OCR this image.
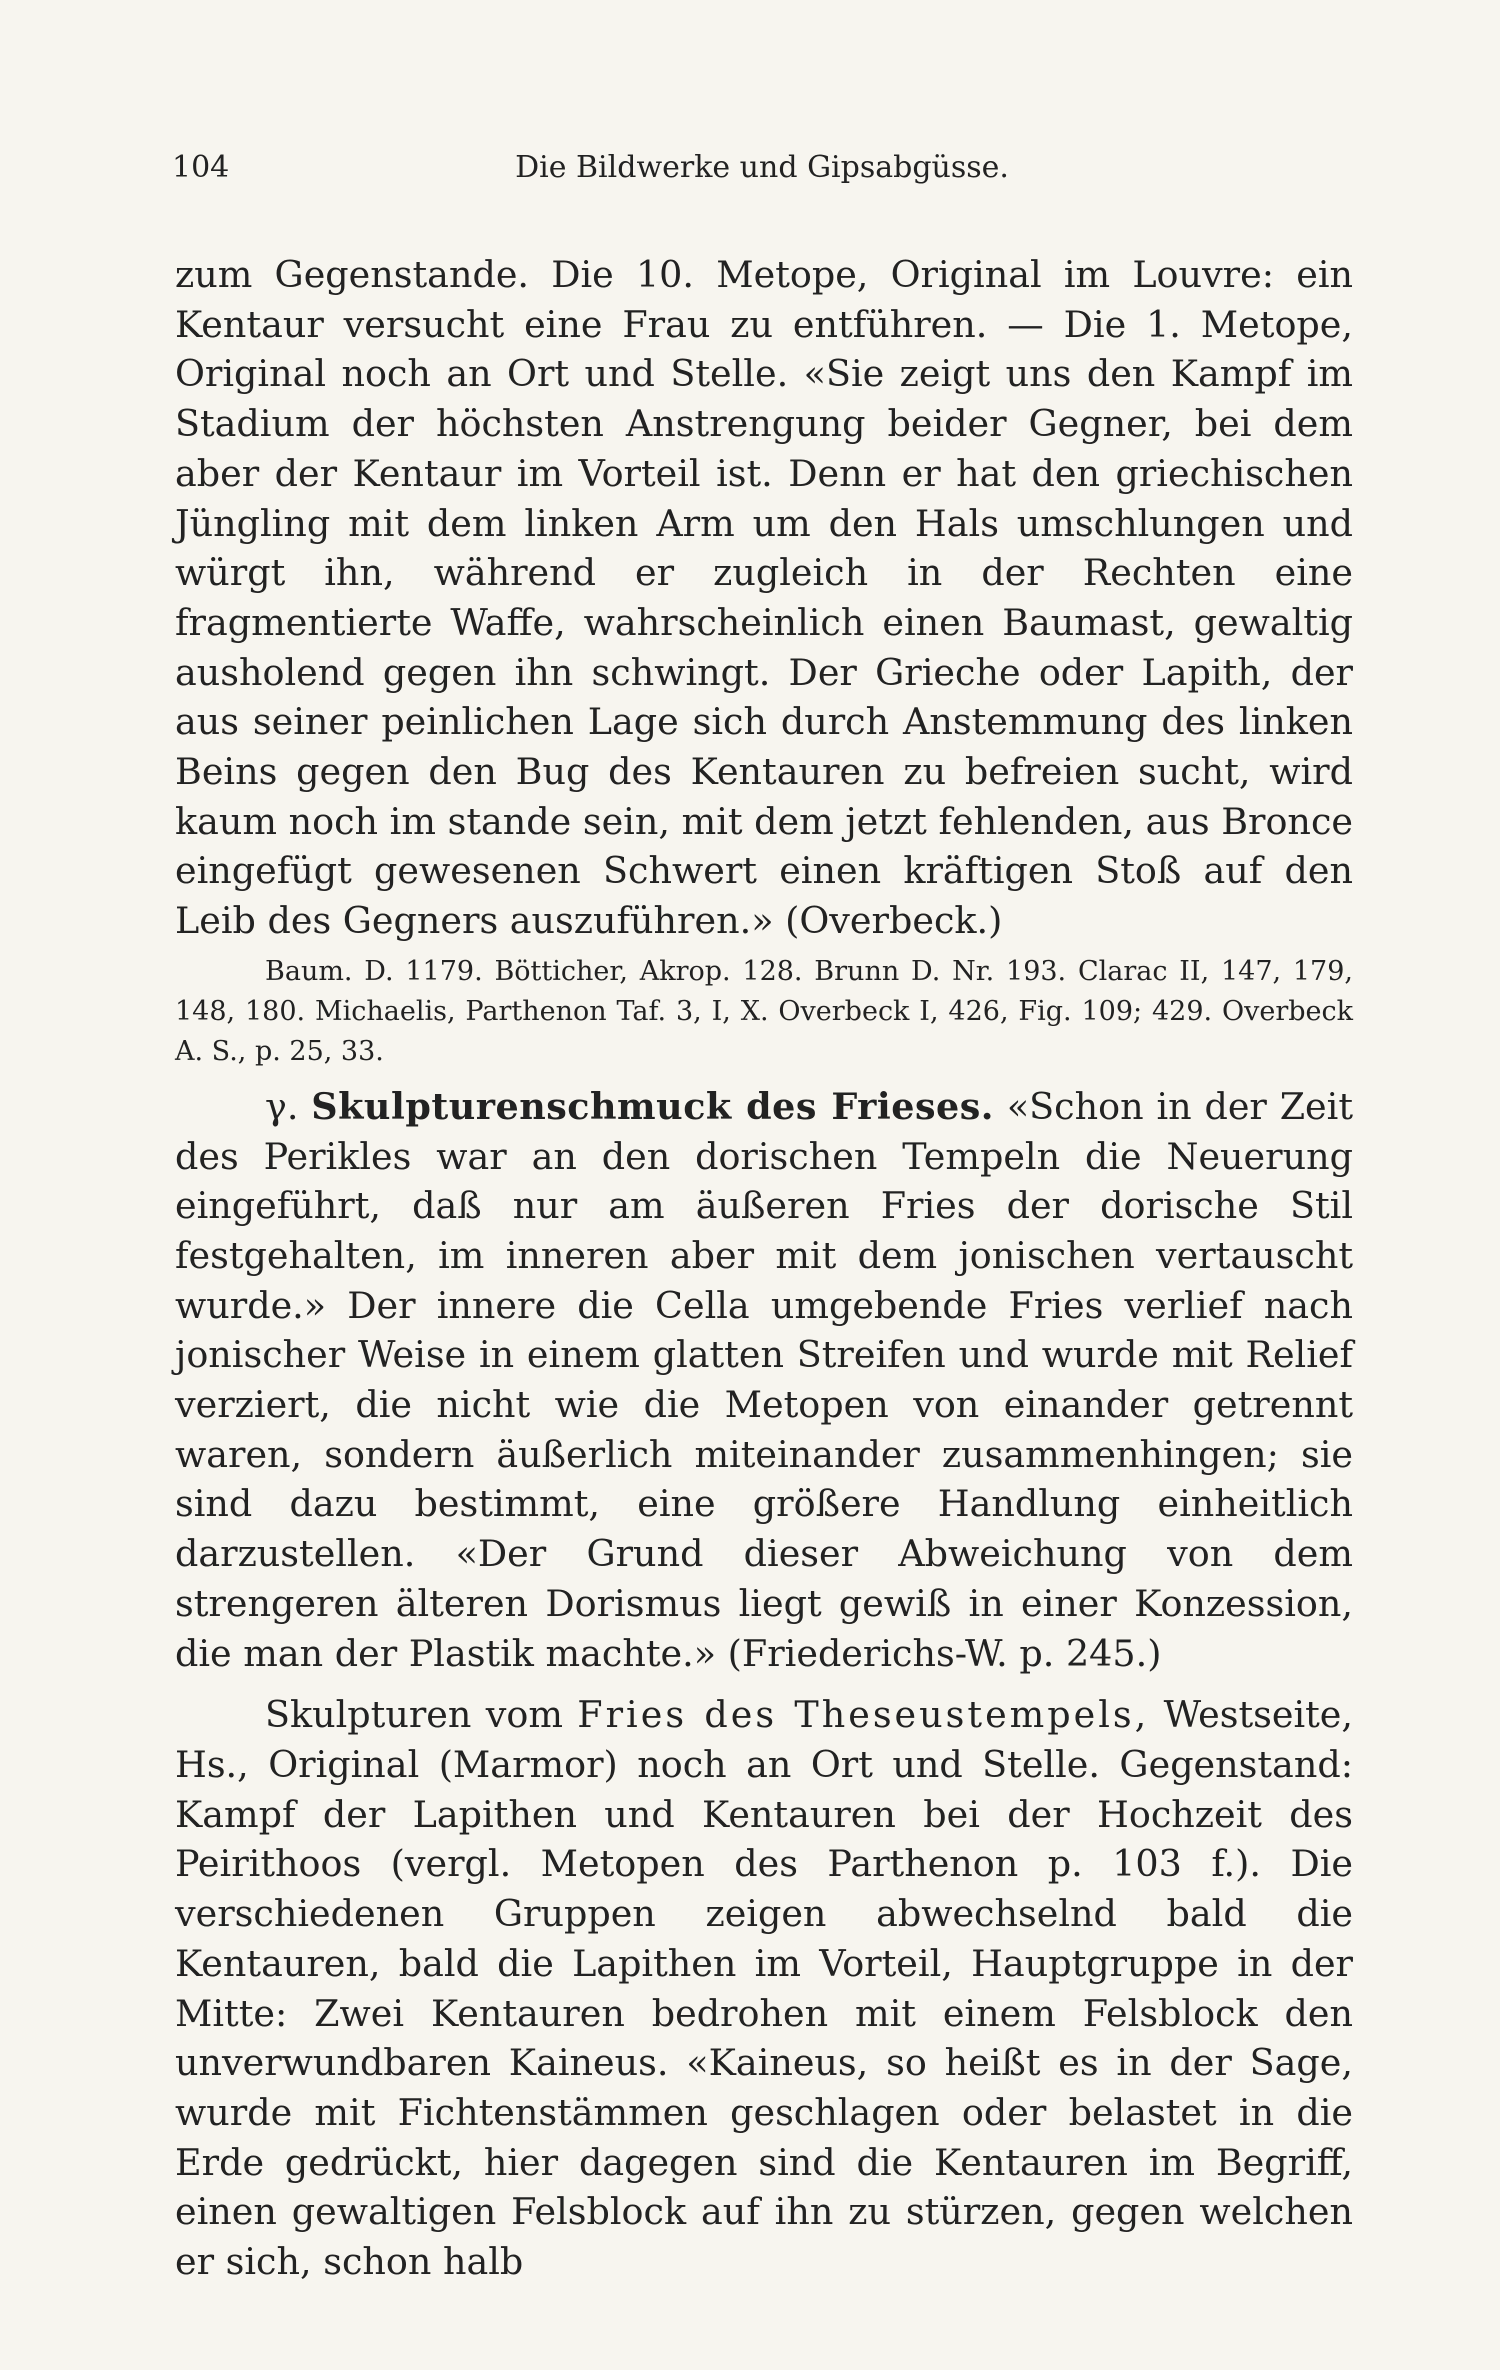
104	Die Bildwerke und Gipsabgüsse.

zum Gegenstande. Die 10. Metope, Original im Louvre: ein Kentaur versucht eine Frau zu entführen. — Die 1. Metope, Original noch an Ort und Stelle. «Sie zeigt uns den Kampf im Stadium der höchsten Anstrengung beider Gegner, bei dem aber der Kentaur im Vorteil ist. Denn er hat den griechischen Jüngling mit dem linken Arm um den Hals umschlungen und würgt ihn, während er zugleich in der Rechten eine fragmentierte Waffe, wahrscheinlich einen Baumast, gewaltig ausholend gegen ihn schwingt. Der Grieche oder Lapith, der aus seiner peinlichen Lage sich durch Anstemmung des linken Beins gegen den Bug des Kentauren zu befreien sucht, wird kaum noch im stande sein, mit dem jetzt fehlenden, aus Bronce eingefügt gewesenen Schwert einen kräftigen Stoß auf den Leib des Gegners auszuführen.» (Overbeck.)

Baum. D. 1179. Bötticher, Akrop. 128. Brunn D. Nr. 193. Clarac II, 147, 179, 148, 180. Michaelis, Parthenon Taf. 3, I, X. Overbeck I, 426, Fig. 109; 429. Overbeck A. S., p. 25, 33.

γ. Skulpturenschmuck des Frieses. «Schon in der Zeit des Perikles war an den dorischen Tempeln die Neuerung eingeführt, daß nur am äußeren Fries der dorische Stil festgehalten, im inneren aber mit dem jonischen vertauscht wurde.» Der innere die Cella umgebende Fries verlief nach jonischer Weise in einem glatten Streifen und wurde mit Relief verziert, die nicht wie die Metopen von einander getrennt waren, sondern äußerlich miteinander zusammenhingen; sie sind dazu bestimmt, eine größere Handlung einheitlich darzustellen. «Der Grund dieser Abweichung von dem strengeren älteren Dorismus liegt gewiß in einer Konzession, die man der Plastik machte.» (Friederichs-W. p. 245.)

Skulpturen vom Fries des Theseustempels, Westseite, Hs., Original (Marmor) noch an Ort und Stelle. Gegenstand: Kampf der Lapithen und Kentauren bei der Hochzeit des Peirithoos (vergl. Metopen des Parthenon p. 103 f.). Die verschiedenen Gruppen zeigen abwechselnd bald die Kentauren, bald die Lapithen im Vorteil, Hauptgruppe in der Mitte: Zwei Kentauren bedrohen mit einem Felsblock den unverwundbaren Kaineus. «Kaineus, so heißt es in der Sage, wurde mit Fichtenstämmen geschlagen oder belastet in die Erde gedrückt, hier dagegen sind die Kentauren im Begriff, einen gewaltigen Felsblock auf ihn zu stürzen, gegen welchen er sich, schon halb
